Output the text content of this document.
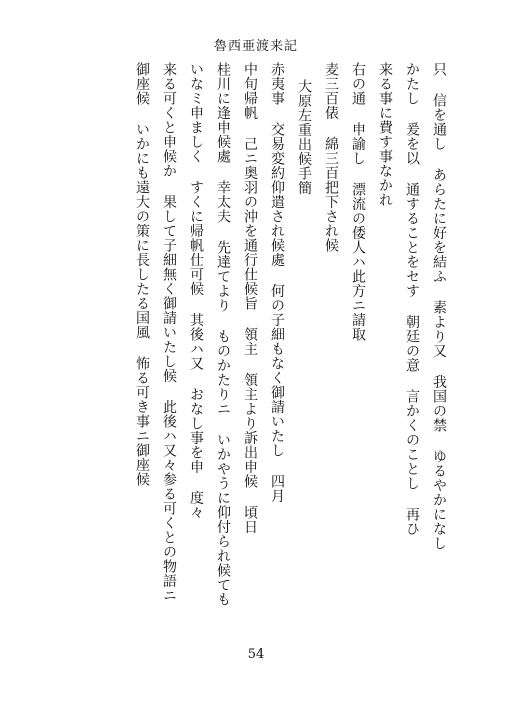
魯西亜渡来記
只 信を通し あらたに好を結ふ 素より又 我国の禁 ゆるやかになし
かたし 爰を以 通することをセす 朝廷の意 言かくのことし 再ひ
来る事に費す事なかれ
右の通 申諭し 漂流の倭人ハ此方ニ請取
麦三百俵 綿三百把下され候
大原左重出候手簡
赤夷事 交易変約仰遣され候處 何の子細もなく御請いたし 四月
中旬帰帆 己ニ奥羽の沖を通行仕候旨 領主 領主より訴出申候 頃日
桂川に逢申候處 幸太夫 先達てより ものかたりニ いかやうに仰付られ候ても
いなミ申ましく すくに帰帆仕可候 其後ハ又 おなし事を申 度々
来る可くと申候か 果して子細無く御請いたし候 此後ハ又々参る可くとの物語ニ
御座候 いかにも遠大の策に長したる国風 怖る可き事ニ御座候
54
